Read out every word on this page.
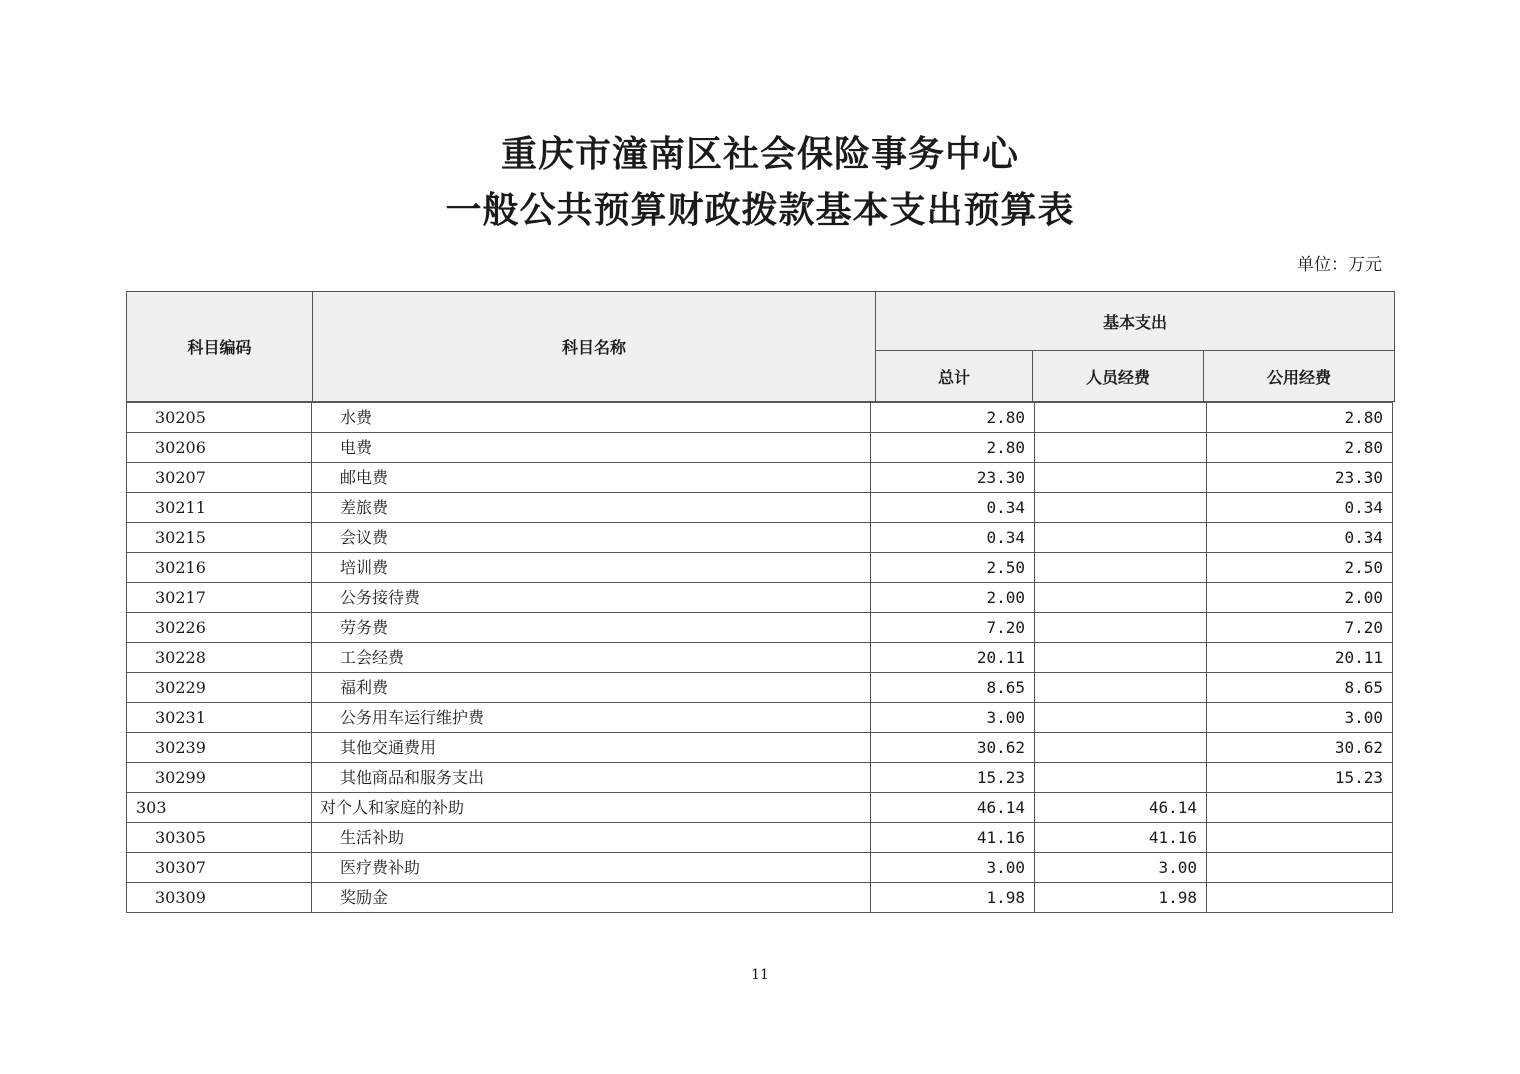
重庆市潼南区社会保险事务中心
一般公共预算财政拨款基本支出预算表
单位：万元
科目编码	科目名称	基本支出		
		总计	人员经费	公用经费
30205	水费	2.80		2.80
30206	电费	2.80		2.80
30207	邮电费	23.30		23.30
30211	差旅费	0.34		0.34
30215	会议费	0.34		0.34
30216	培训费	2.50		2.50
30217	公务接待费	2.00		2.00
30226	劳务费	7.20		7.20
30228	工会经费	20.11		20.11
30229	福利费	8.65		8.65
30231	公务用车运行维护费	3.00		3.00
30239	其他交通费用	30.62		30.62
30299	其他商品和服务支出	15.23		15.23
303	对个人和家庭的补助	46.14	46.14	
30305	生活补助	41.16	41.16	
30307	医疗费补助	3.00	3.00	
30309	奖励金	1.98	1.98	
11
